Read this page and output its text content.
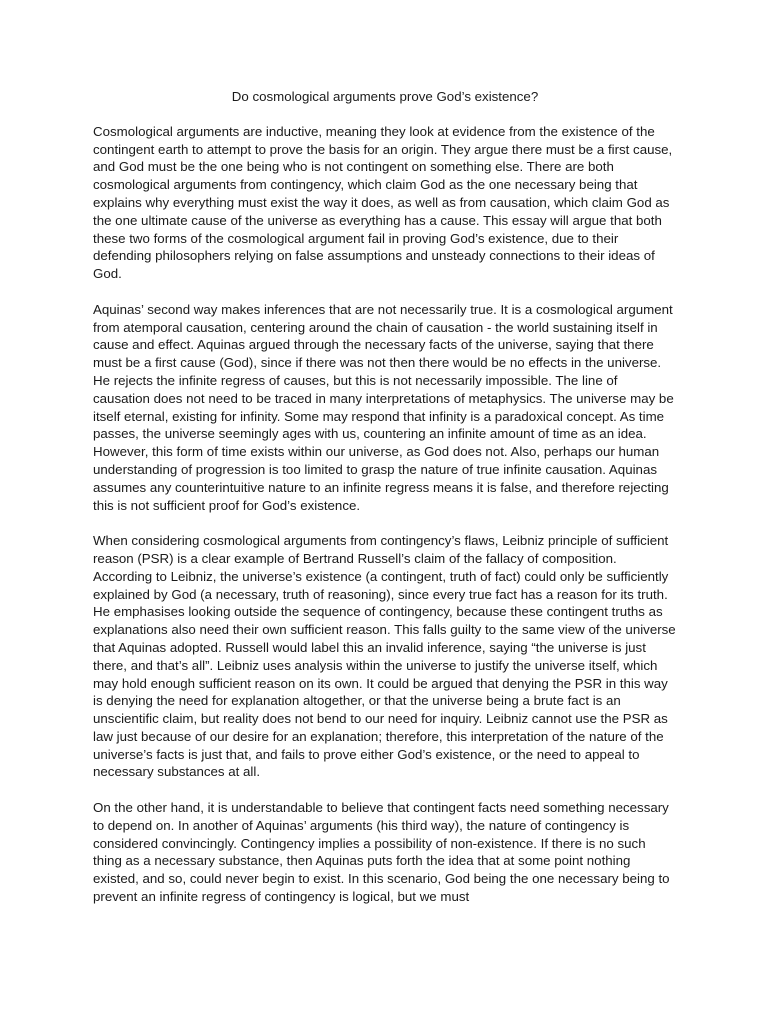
Do cosmological arguments prove God’s existence?

Cosmological arguments are inductive, meaning they look at evidence from the existence of the contingent earth to attempt to prove the basis for an origin. They argue there must be a first cause, and God must be the one being who is not contingent on something else. There are both cosmological arguments from contingency, which claim God as the one necessary being that explains why everything must exist the way it does, as well as from causation, which claim God as the one ultimate cause of the universe as everything has a cause. This essay will argue that both these two forms of the cosmological argument fail in proving God’s existence, due to their defending philosophers relying on false assumptions and unsteady connections to their ideas of God.

Aquinas’ second way makes inferences that are not necessarily true. It is a cosmological argument from atemporal causation, centering around the chain of causation - the world sustaining itself in cause and effect. Aquinas argued through the necessary facts of the universe, saying that there must be a first cause (God), since if there was not then there would be no effects in the universe. He rejects the infinite regress of causes, but this is not necessarily impossible. The line of causation does not need to be traced in many interpretations of metaphysics. The universe may be itself eternal, existing for infinity. Some may respond that infinity is a paradoxical concept. As time passes, the universe seemingly ages with us, countering an infinite amount of time as an idea. However, this form of time exists within our universe, as God does not. Also, perhaps our human understanding of progression is too limited to grasp the nature of true infinite causation. Aquinas assumes any counterintuitive nature to an infinite regress means it is false, and therefore rejecting this is not sufficient proof for God’s existence.

When considering cosmological arguments from contingency’s flaws, Leibniz principle of sufficient reason (PSR) is a clear example of Bertrand Russell’s claim of the fallacy of composition. According to Leibniz, the universe’s existence (a contingent, truth of fact) could only be sufficiently explained by God (a necessary, truth of reasoning), since every true fact has a reason for its truth. He emphasises looking outside the sequence of contingency, because these contingent truths as explanations also need their own sufficient reason. This falls guilty to the same view of the universe that Aquinas adopted. Russell would label this an invalid inference, saying “the universe is just there, and that’s all”. Leibniz uses analysis within the universe to justify the universe itself, which may hold enough sufficient reason on its own. It could be argued that denying the PSR in this way is denying the need for explanation altogether, or that the universe being a brute fact is an unscientific claim, but reality does not bend to our need for inquiry. Leibniz cannot use the PSR as law just because of our desire for an explanation; therefore, this interpretation of the nature of the universe’s facts is just that, and fails to prove either God’s existence, or the need to appeal to necessary substances at all.

On the other hand, it is understandable to believe that contingent facts need something necessary to depend on. In another of Aquinas’ arguments (his third way), the nature of contingency is considered convincingly. Contingency implies a possibility of non-existence. If there is no such thing as a necessary substance, then Aquinas puts forth the idea that at some point nothing existed, and so, could never begin to exist. In this scenario, God being the one necessary being to prevent an infinite regress of contingency is logical, but we must
